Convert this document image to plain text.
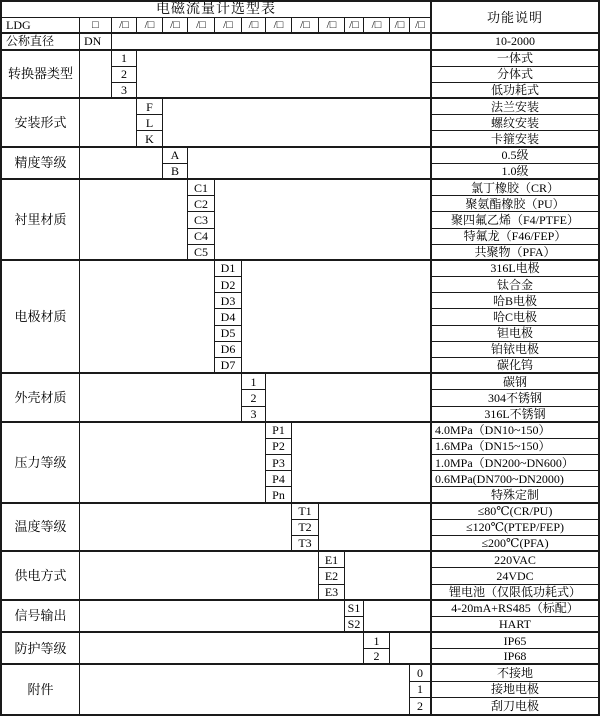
电磁流量计选型表
功能说明
LDG	□
公称直径	DN	10-2000
/□	/□	/□	/□	/□	/□	/□	/□	/□	/□	/□	/□ /□
转换器类型
1	一体式
2	分体式
3	低功耗式
安装形式
F	法兰安装
L	螺纹安装
K	卡箍安装
精度等级
A	0.5级
B	1.0级
衬里材质
C1	氯丁橡胶（CR）
C2	聚氨酯橡胶（PU）
C3	聚四氟乙烯（F4/PTFE）
C4	特氟龙（F46/FEP）
C5	共聚物（PFA）
电极材质
D1	316L电极
D2	钛合金
D3	哈B电极
D4	哈C电极
D5	钽电极
D6	铂铱电极
D7	碳化钨
外壳材质
1	碳钢
2	304不锈钢
3	316L不锈钢
压力等级
P1	4.0MPa（DN10~150）
P2	1.6MPa（DN15~150）
P3	1.0MPa（DN200~DN600）
P4	0.6MPa(DN700~DN2000)
Pn	特殊定制
温度等级
T1	≤80℃(CR/PU)
T2	≤120℃(PTEP/FEP)
T3	≤200℃(PFA)
供电方式
E1	220VAC
E2	24VDC
E3	锂电池（仅限低功耗式）
信号输出
S1	4-20mA+RS485（标配）
S2	HART
防护等级
1	IP65
2	IP68
附件
0	不接地
1	接地电极
2	刮刀电极
